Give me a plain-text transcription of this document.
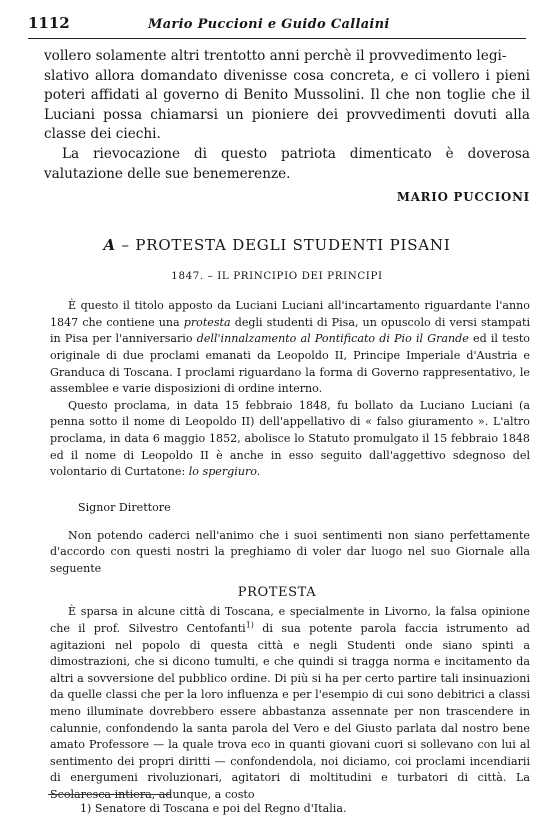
1112	Mario Puccioni e Guido Callaini

vollero solamente altri trentotto anni perchè il provvedimento legi-
slativo allora domandato divenisse cosa concreta, e ci vollero i pieni poteri affidati al governo di Benito Mussolini. Il che non toglie che il Luciani possa chiamarsi un pioniere dei provvedimenti dovuti alla classe dei ciechi.

La rievocazione di questo patriota dimenticato è doverosa valutazione delle sue benemerenze.

MARIO PUCCIONI
A – PROTESTA DEGLI STUDENTI PISANI
1847. – IL PRINCIPIO DEI PRINCIPI

È questo il titolo apposto da Luciani Luciani all'incartamento riguardante l'anno 1847 che contiene una protesta degli studenti di Pisa, un opuscolo di versi stampati in Pisa per l'anniversario dell'innalzamento al Pontificato di Pio il Grande ed il testo originale di due proclami emanati da Leopoldo II, Principe Imperiale d'Austria e Granduca di Toscana. I proclami riguardano la forma di Governo rappresentativo, le assemblee e varie disposizioni di ordine interno.

Questo proclama, in data 15 febbraio 1848, fu bollato da Luciano Luciani (a penna sotto il nome di Leopoldo II) dell'appellativo di « falso giuramento ». L'altro proclama, in data 6 maggio 1852, abolisce lo Statuto promulgato il 15 febbraio 1848 ed il nome di Leopoldo II è anche in esso seguito dall'aggettivo sdegnoso del volontario di Curtatone: lo spergiuro.

Signor Direttore

Non potendo caderci nell'animo che i suoi sentimenti non siano perfettamente d'accordo con questi nostri la preghiamo di voler dar luogo nel suo Giornale alla seguente

PROTESTA

È sparsa in alcune città di Toscana, e specialmente in Livorno, la falsa opinione che il prof. Silvestro Centofanti$^{1)}$ di sua potente parola faccia istrumento ad agitazioni nel popolo di questa città e negli Studenti onde siano spinti a dimostrazioni, che si dicono tumulti, e che quindi si tragga norma e incitamento da altri a sovversione del pubblico ordine. Di più si ha per certo partire tali insinuazioni da quelle classi che per la loro influenza e per l'esempio di cui sono debitrici a classi meno illuminate dovrebbero essere abbastanza assennate per non trascendere in calunnie, confondendo la santa parola del Vero e del Giusto parlata dal nostro bene amato Professore — la quale trova eco in quanti giovani cuori si sollevano con lui al sentimento dei propri diritti — confondendola, noi diciamo, coi proclami incendiarii di energumeni rivoluzionari, agitatori di moltitudini e turbatori di città. La Scolaresca intiera, adunque, a costo

1) Senatore di Toscana e poi del Regno d'Italia.
